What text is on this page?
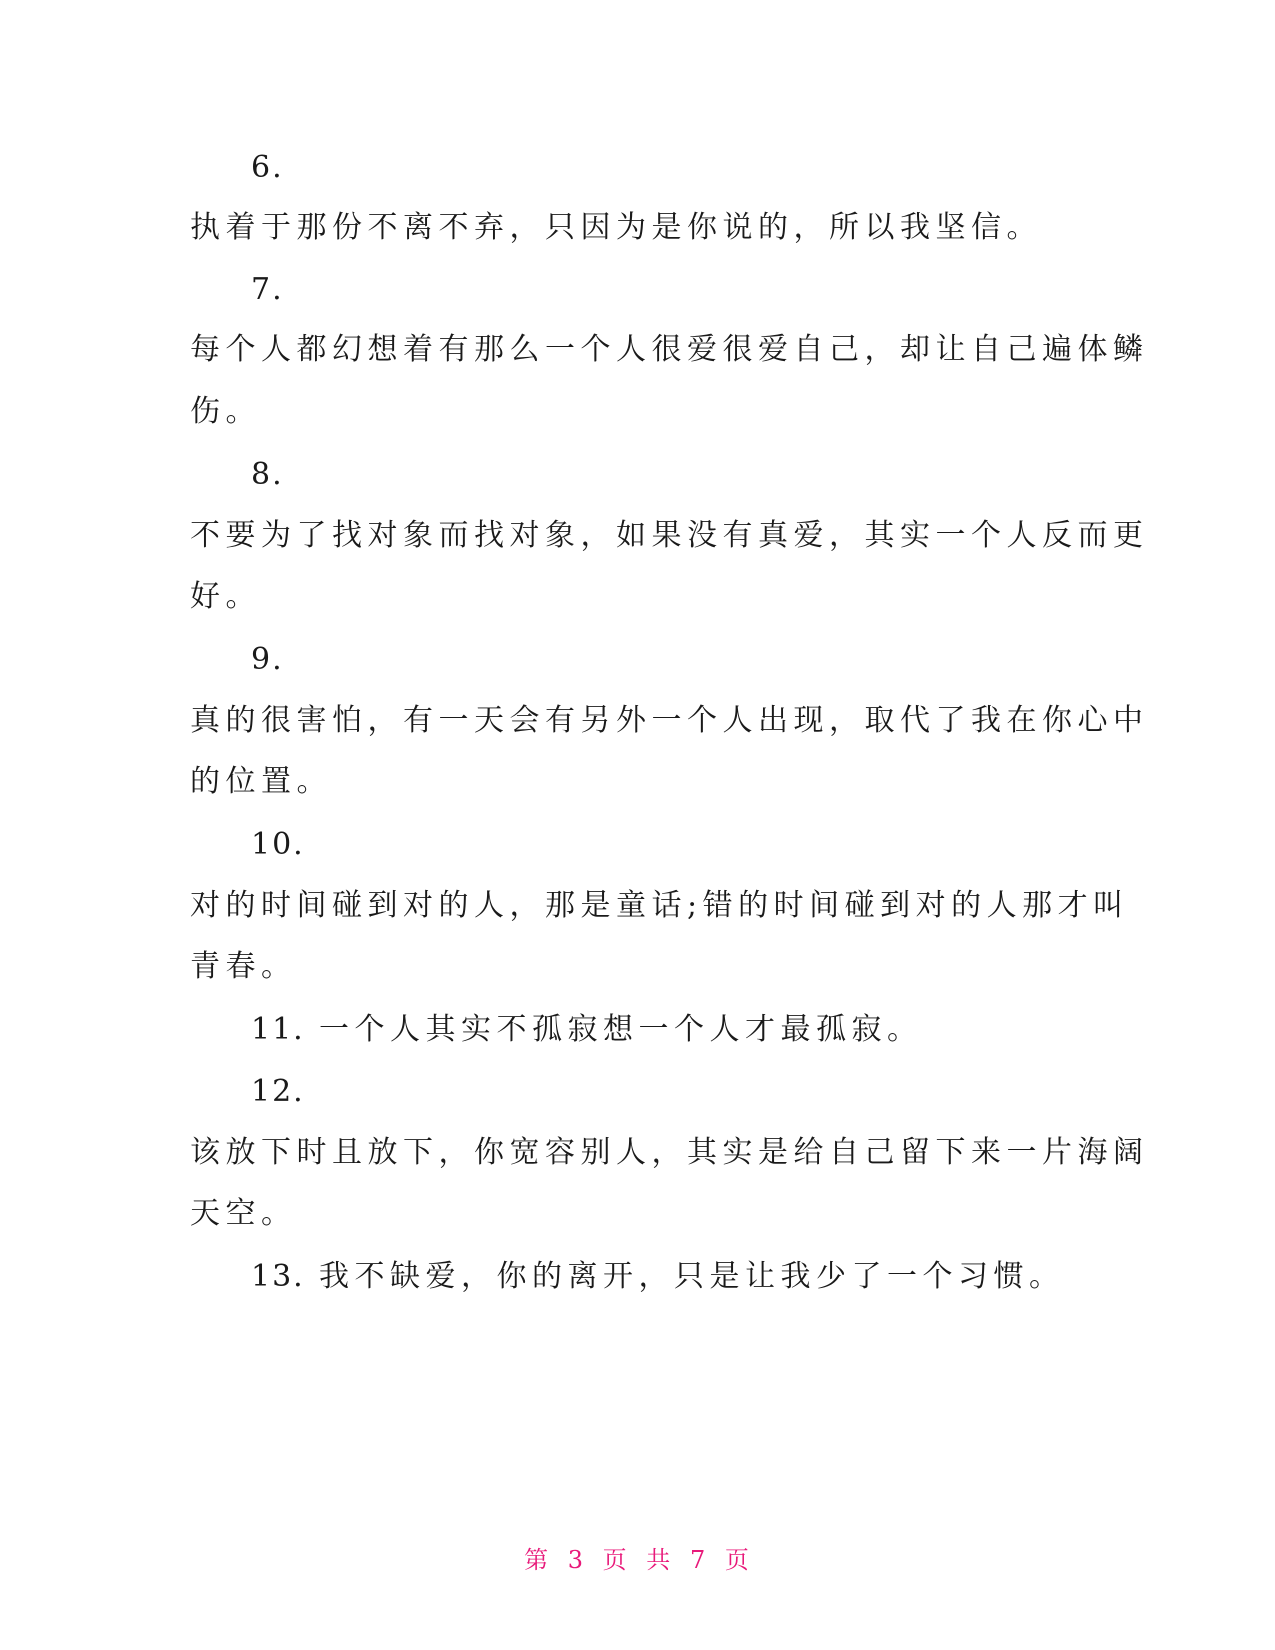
6.
执着于那份不离不弃，只因为是你说的，所以我坚信。
7.
每个人都幻想着有那么一个人很爱很爱自己，却让自己遍体鳞
伤。
8.
不要为了找对象而找对象，如果没有真爱，其实一个人反而更
好。
9.
真的很害怕，有一天会有另外一个人出现，取代了我在你心中
的位置。
10.
对的时间碰到对的人，那是童话;错的时间碰到对的人那才叫
青春。
11. 一个人其实不孤寂想一个人才最孤寂。
12.
该放下时且放下，你宽容别人，其实是给自己留下来一片海阔
天空。
13. 我不缺爱，你的离开，只是让我少了一个习惯。
第 3 页 共 7 页
